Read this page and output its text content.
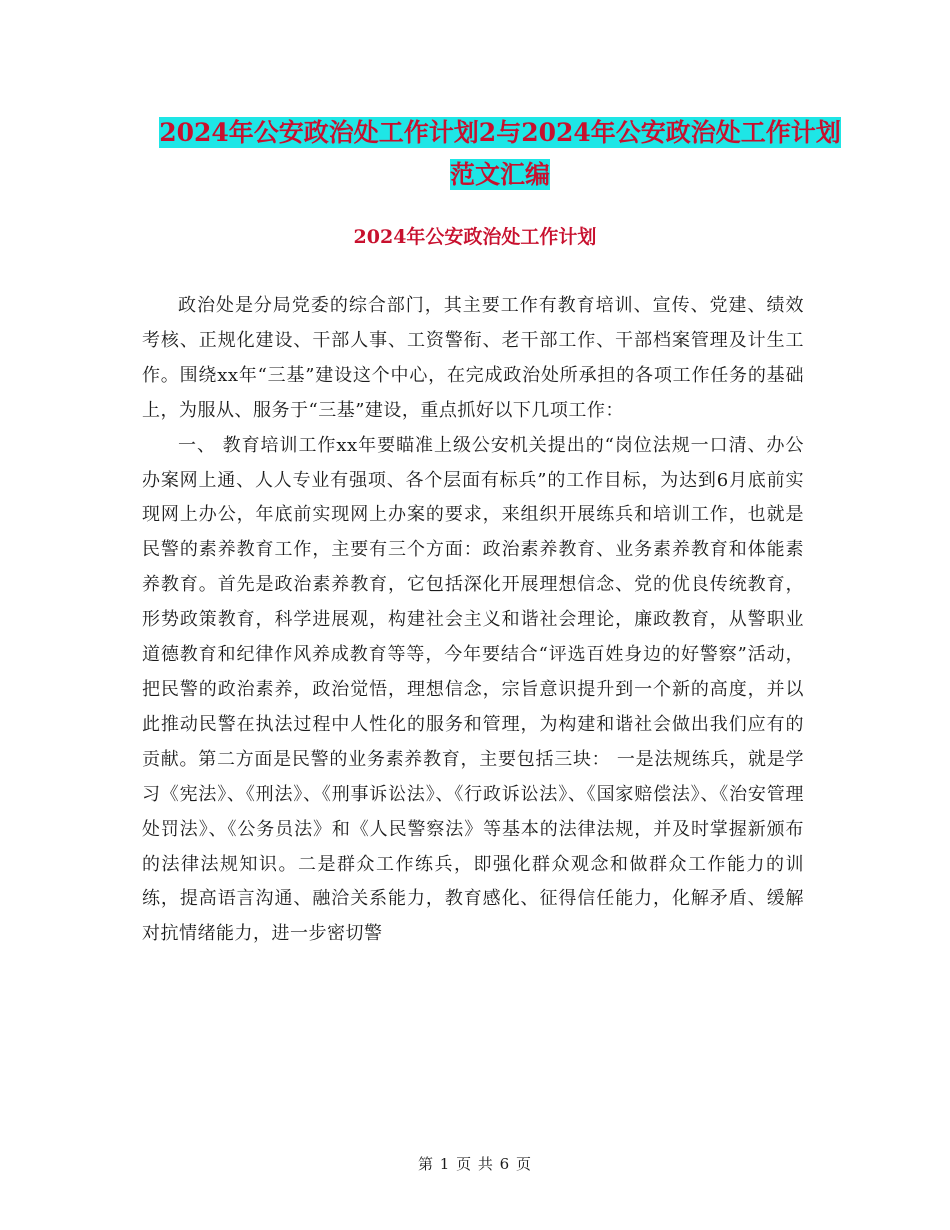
2024年公安政治处工作计划2与2024年公安政治处工作计划范文汇编
2024年公安政治处工作计划

政治处是分局党委的综合部门，其主要工作有教育培训、宣传、党建、绩效考核、正规化建设、干部人事、工资警衔、老干部工作、干部档案管理及计生工作。围绕xx年“三基”建设这个中心，在完成政治处所承担的各项工作任务的基础上，为服从、服务于“三基”建设，重点抓好以下几项工作：

一、 教育培训工作xx年要瞄准上级公安机关提出的“岗位法规一口清、办公办案网上通、人人专业有强项、各个层面有标兵”的工作目标，为达到6月底前实现网上办公，年底前实现网上办案的要求，来组织开展练兵和培训工作，也就是民警的素养教育工作，主要有三个方面：政治素养教育、业务素养教育和体能素养教育。首先是政治素养教育，它包括深化开展理想信念、党的优良传统教育，形势政策教育，科学进展观，构建社会主义和谐社会理论，廉政教育，从警职业道德教育和纪律作风养成教育等等，今年要结合“评选百姓身边的好警察”活动，把民警的政治素养，政治觉悟，理想信念，宗旨意识提升到一个新的高度，并以此推动民警在执法过程中人性化的服务和管理，为构建和谐社会做出我们应有的贡献。第二方面是民警的业务素养教育，主要包括三块： 一是法规练兵，就是学习《宪法》、《刑法》、《刑事诉讼法》、《行政诉讼法》、《国家赔偿法》、《治安管理处罚法》、《公务员法》和《人民警察法》等基本的法律法规，并及时掌握新颁布的法律法规知识。二是群众工作练兵，即强化群众观念和做群众工作能力的训练，提高语言沟通、融洽关系能力，教育感化、征得信任能力，化解矛盾、缓解对抗情绪能力，进一步密切警

第 1 页 共 6 页
